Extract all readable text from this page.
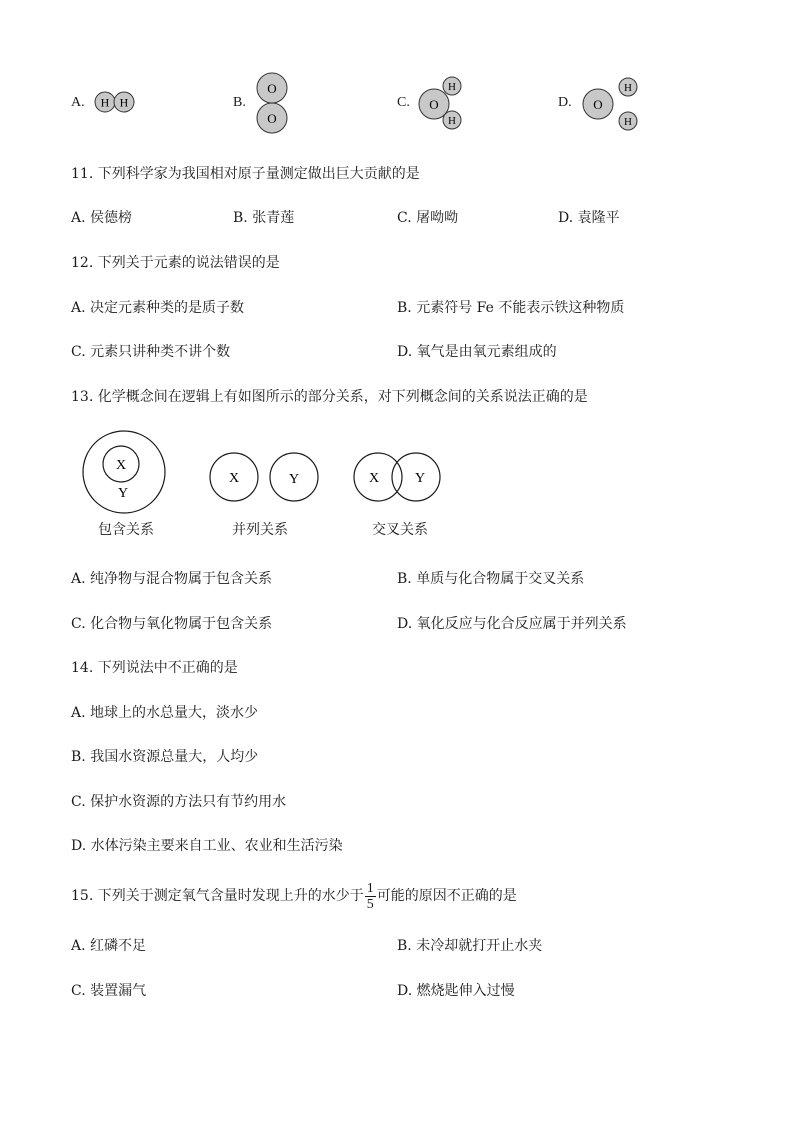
A. H H	B.
O
O
C. O
H
H
D. O
H
H
11. 下列科学家为我国相对原子量测定做出巨大贡献的是
A. 侯德榜	B. 张青莲	C. 屠呦呦	D. 袁隆平
12. 下列关于元素的说法错误的是
A. 决定元素种类的是质子数	B. 元素符号 Fe 不能表示铁这种物质
C. 元素只讲种类不讲个数	D. 氧气是由氧元素组成的
13. 化学概念间在逻辑上有如图所示的部分关系，对下列概念间的关系说法正确的是
X
Y
X	Y	X	Y
包含关系	并列关系	交叉关系
A. 纯净物与混合物属于包含关系	B. 单质与化合物属于交叉关系
C. 化合物与氧化物属于包含关系	D. 氧化反应与化合反应属于并列关系
14. 下列说法中不正确的是
A. 地球上的水总量大，淡水少
B. 我国水资源总量大，人均少
C. 保护水资源的方法只有节约用水
D. 水体污染主要来自工业、农业和生活污染
15. 下列关于测定氧气含量时发现上升的水少于 $\frac{1}{5}$ 可能的原因不正确的是
A. 红磷不足	B. 未冷却就打开止水夹
C. 装置漏气	D. 燃烧匙伸入过慢
